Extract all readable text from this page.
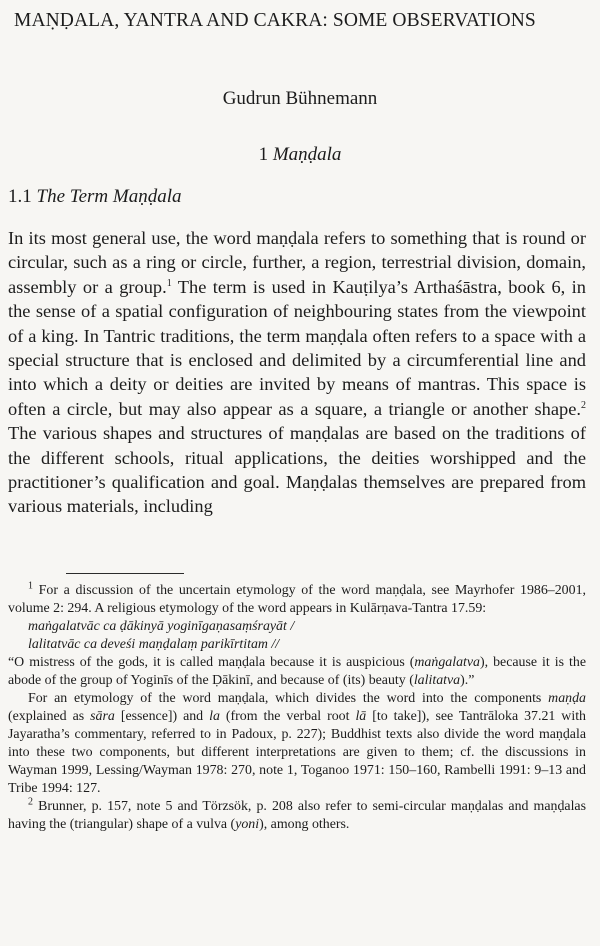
MAṆḌALA, YANTRA AND CAKRA: SOME OBSERVATIONS
Gudrun Bühnemann
1 Maṇḍala
1.1 The Term Maṇḍala

In its most general use, the word maṇḍala refers to something that is round or circular, such as a ring or circle, further, a region, terrestrial division, domain, assembly or a group.$^1$ The term is used in Kauṭilya’s Arthaśāstra, book 6, in the sense of a spatial configuration of neighbouring states from the viewpoint of a king. In Tantric traditions, the term maṇḍala often refers to a space with a special structure that is enclosed and delimited by a circumferential line and into which a deity or deities are invited by means of mantras. This space is often a circle, but may also appear as a square, a triangle or another shape.$^2$ The various shapes and structures of maṇḍalas are based on the traditions of the different schools, ritual applications, the deities worshipped and the practitioner’s qualification and goal. Maṇḍalas themselves are prepared from various materials, including

$^1$ For a discussion of the uncertain etymology of the word maṇḍala, see Mayrhofer 1986–2001, volume 2: 294. A religious etymology of the word appears in Kulārṇava-Tantra 17.59:

maṅgalatvāc ca ḍākinyā yoginīgaṇasaṃśrayāt /

lalitatvāc ca deveśi maṇḍalaṃ parikīrtitam //

“O mistress of the gods, it is called maṇḍala because it is auspicious (maṅgalatva), because it is the abode of the group of Yoginīs of the Ḍākinī, and because of (its) beauty (lalitatva).”

For an etymology of the word maṇḍala, which divides the word into the components maṇḍa (explained as sāra [essence]) and la (from the verbal root lā [to take]), see Tantrāloka 37.21 with Jayaratha’s commentary, referred to in Padoux, p. 227); Buddhist texts also divide the word maṇḍala into these two components, but different interpretations are given to them; cf. the discussions in Wayman 1999, Lessing/Wayman 1978: 270, note 1, Toganoo 1971: 150–160, Rambelli 1991: 9–13 and Tribe 1994: 127.

$^2$ Brunner, p. 157, note 5 and Törzsök, p. 208 also refer to semi-circular maṇḍalas and maṇḍalas having the (triangular) shape of a vulva (yoni), among others.
